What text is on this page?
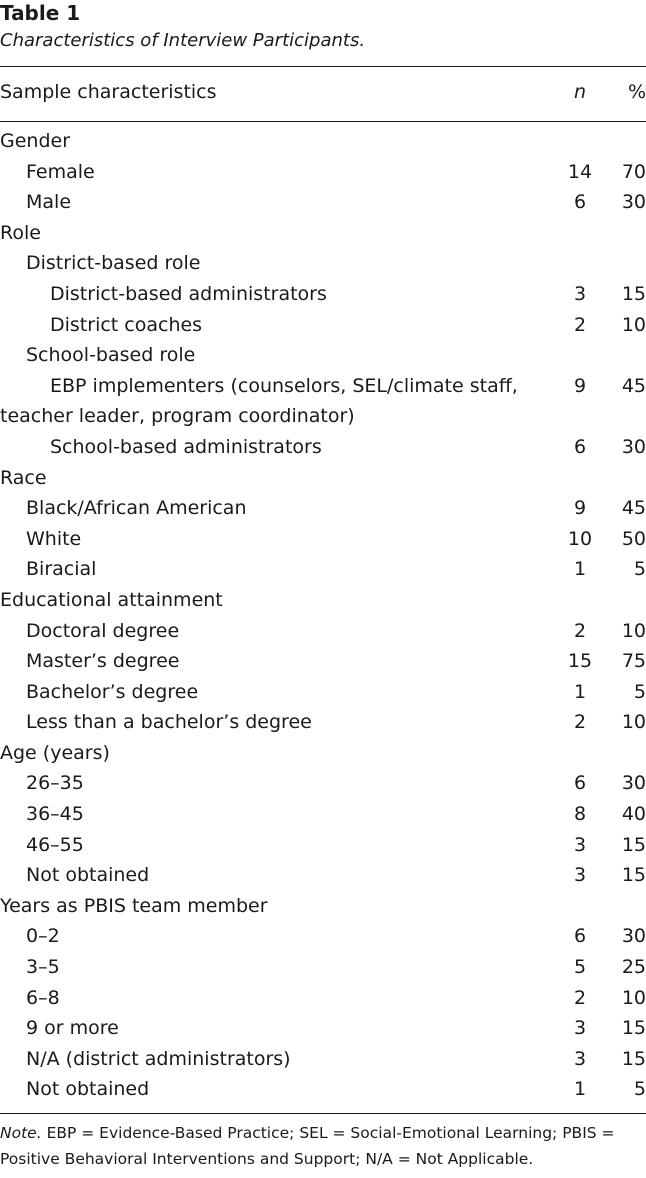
Table 1
Characteristics of Interview Participants.
Sample characteristics	n	%
Gender
Female	14	70
Male	6	30
Role
District-based role
District-based administrators	3	15
District coaches	2	10
School-based role
EBP implementers (counselors, SEL/climate staff,
teacher leader, program coordinator)
9	45
School-based administrators	6	30
Race
Black/African American	9	45
White	10	50
Biracial	1	5
Educational attainment
Doctoral degree	2	10
Master’s degree	15	75
Bachelor’s degree	1	5
Less than a bachelor’s degree	2	10
Age (years)
26–35	6	30
36–45	8	40
46–55	3	15
Not obtained	3	15
Years as PBIS team member
0–2	6	30
3–5	5	25
6–8	2	10
9 or more	3	15
N/A (district administrators)	3	15
Not obtained	1	5
Note. EBP = Evidence-Based Practice; SEL = Social-Emotional Learning; PBIS = Positive Behavioral Interventions and Support; N/A = Not Applicable.
